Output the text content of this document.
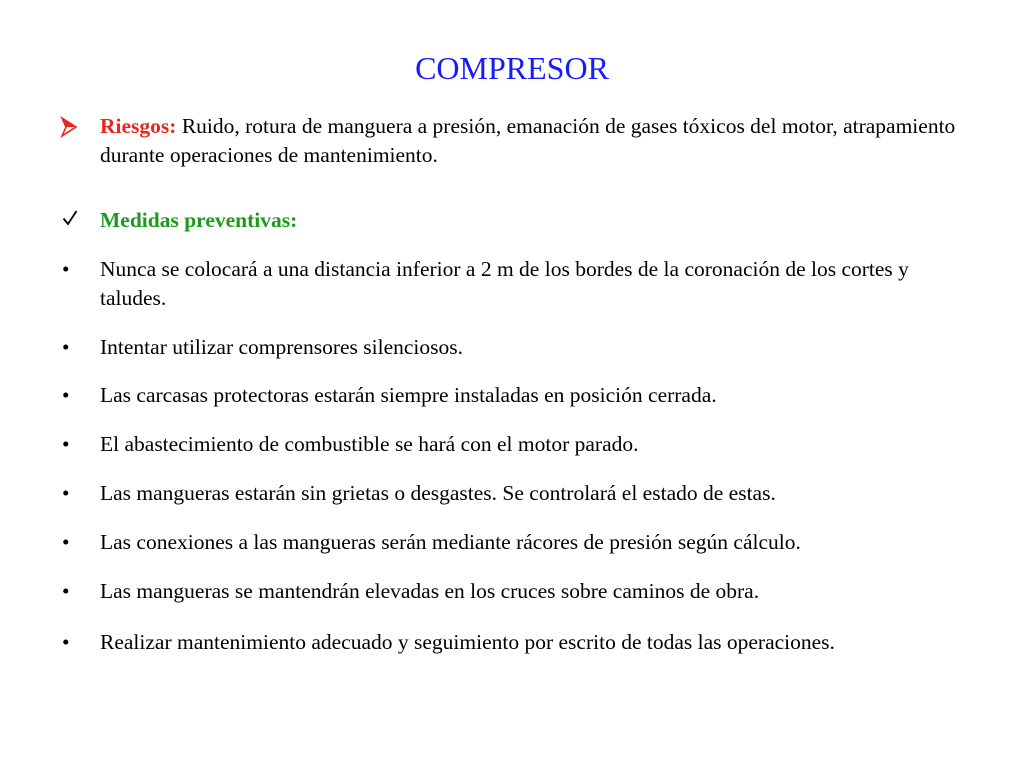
COMPRESOR
Riesgos: Ruido, rotura de manguera a presión, emanación de gases tóxicos del motor, atrapamiento durante operaciones de mantenimiento.
Medidas preventivas:
•	Nunca se colocará a una distancia inferior a 2 m de los bordes de la coronación de los cortes y taludes.
•	Intentar utilizar comprensores silenciosos.
•	Las carcasas protectoras estarán siempre instaladas en posición cerrada.
•	El abastecimiento de combustible se hará con el motor parado.
•	Las mangueras estarán sin grietas o desgastes. Se controlará el estado de estas.
•	Las conexiones a las mangueras serán mediante rácores de presión según cálculo.
•	Las mangueras se mantendrán elevadas en los cruces sobre caminos de obra.
•	Realizar mantenimiento adecuado y seguimiento por escrito de todas las operaciones.
